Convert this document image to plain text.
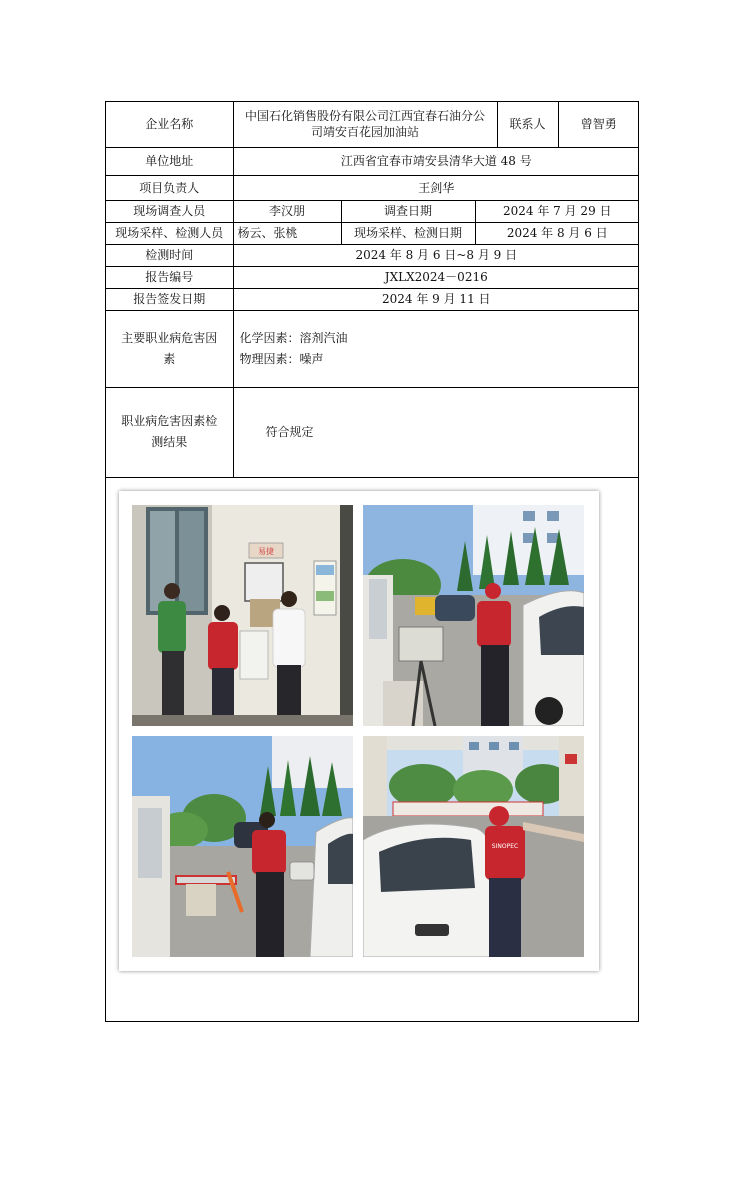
企业名称	中国石化销售股份有限公司江西宜春石油分公司靖安百花园加油站			联系人	曾智勇
单位地址	江西省宜春市靖安县清华大道 48 号				
项目负责人	王剑华				
现场调查人员	李汉朋	调查日期	2024 年 7 月 29 日		
现场采样、检测人员	杨云、张桃	现场采样、检测日期	2024 年 8 月 6 日		
检测时间	2024 年 8 月 6 日~8 月 9 日				
报告编号	JXLX2024－0216				
报告签发日期	2024 年 9 月 11 日				
主要职业病危害因素	化学因素：溶剂汽油
物理因素：噪声				

职业病危害因素检测结果	符合规定				
易捷
SINOPEC
